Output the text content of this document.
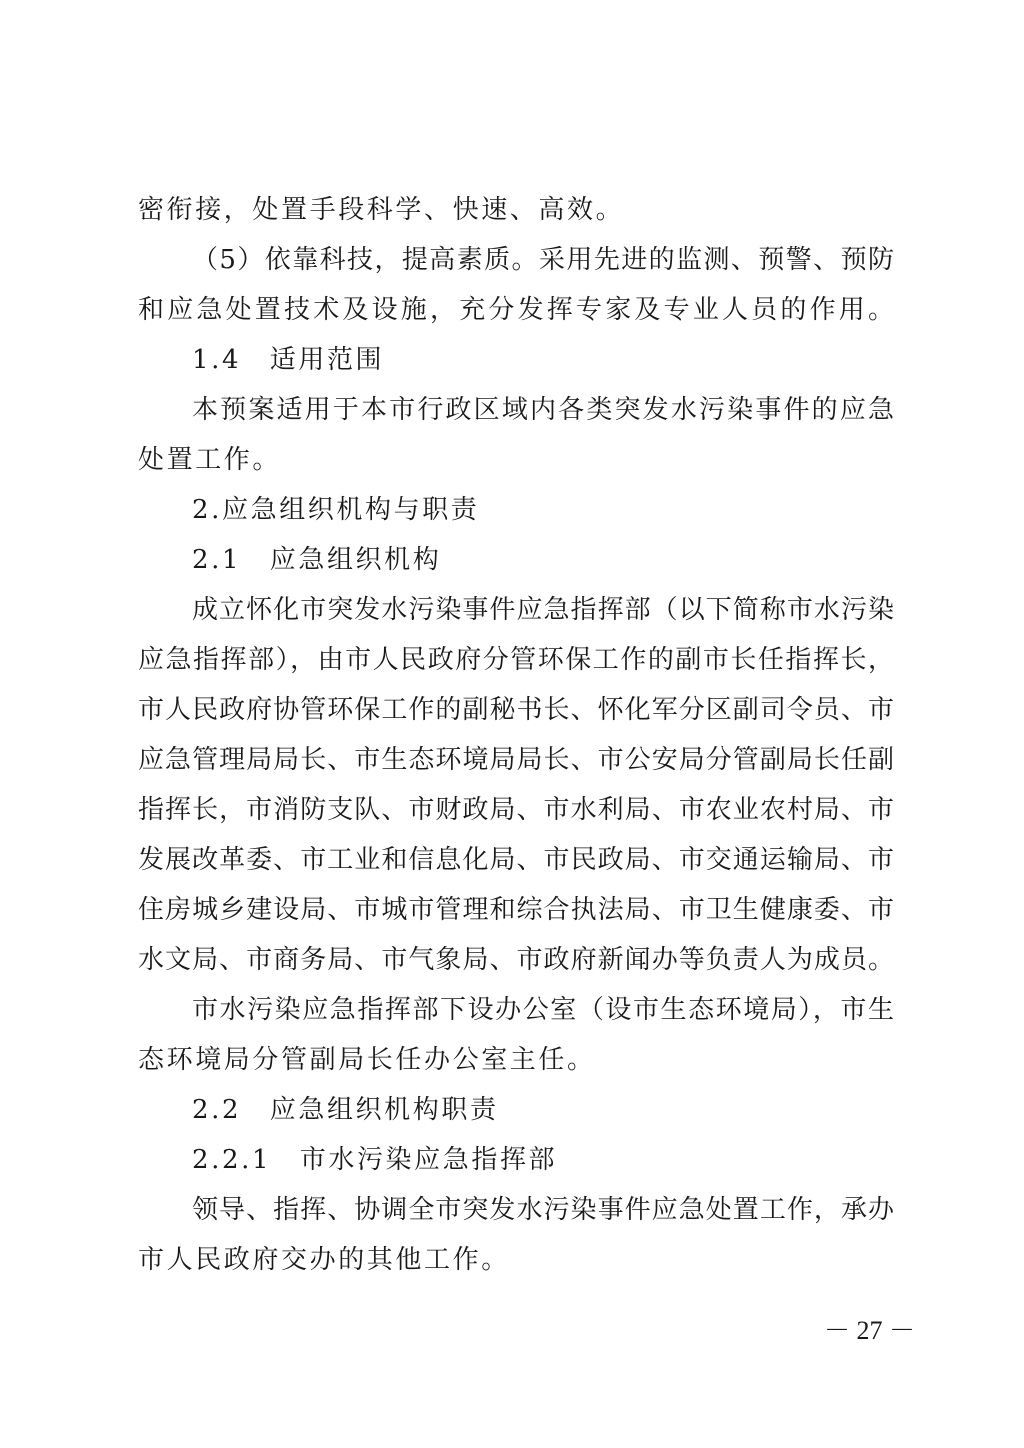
密衔接，处置手段科学、快速、高效。
（5）依靠科技，提高素质。采用先进的监测、预警、预防
和应急处置技术及设施，充分发挥专家及专业人员的作用。
1.4　适用范围
本预案适用于本市行政区域内各类突发水污染事件的应急
处置工作。
2.应急组织机构与职责
2.1　应急组织机构
成立怀化市突发水污染事件应急指挥部（以下简称市水污染
应急指挥部），由市人民政府分管环保工作的副市长任指挥长，
市人民政府协管环保工作的副秘书长、怀化军分区副司令员、市
应急管理局局长、市生态环境局局长、市公安局分管副局长任副
指挥长，市消防支队、市财政局、市水利局、市农业农村局、市
发展改革委、市工业和信息化局、市民政局、市交通运输局、市
住房城乡建设局、市城市管理和综合执法局、市卫生健康委、市
水文局、市商务局、市气象局、市政府新闻办等负责人为成员。
市水污染应急指挥部下设办公室（设市生态环境局），市生
态环境局分管副局长任办公室主任。
2.2　应急组织机构职责
2.2.1　市水污染应急指挥部
领导、指挥、协调全市突发水污染事件应急处置工作，承办
市人民政府交办的其他工作。
－ 27 －
